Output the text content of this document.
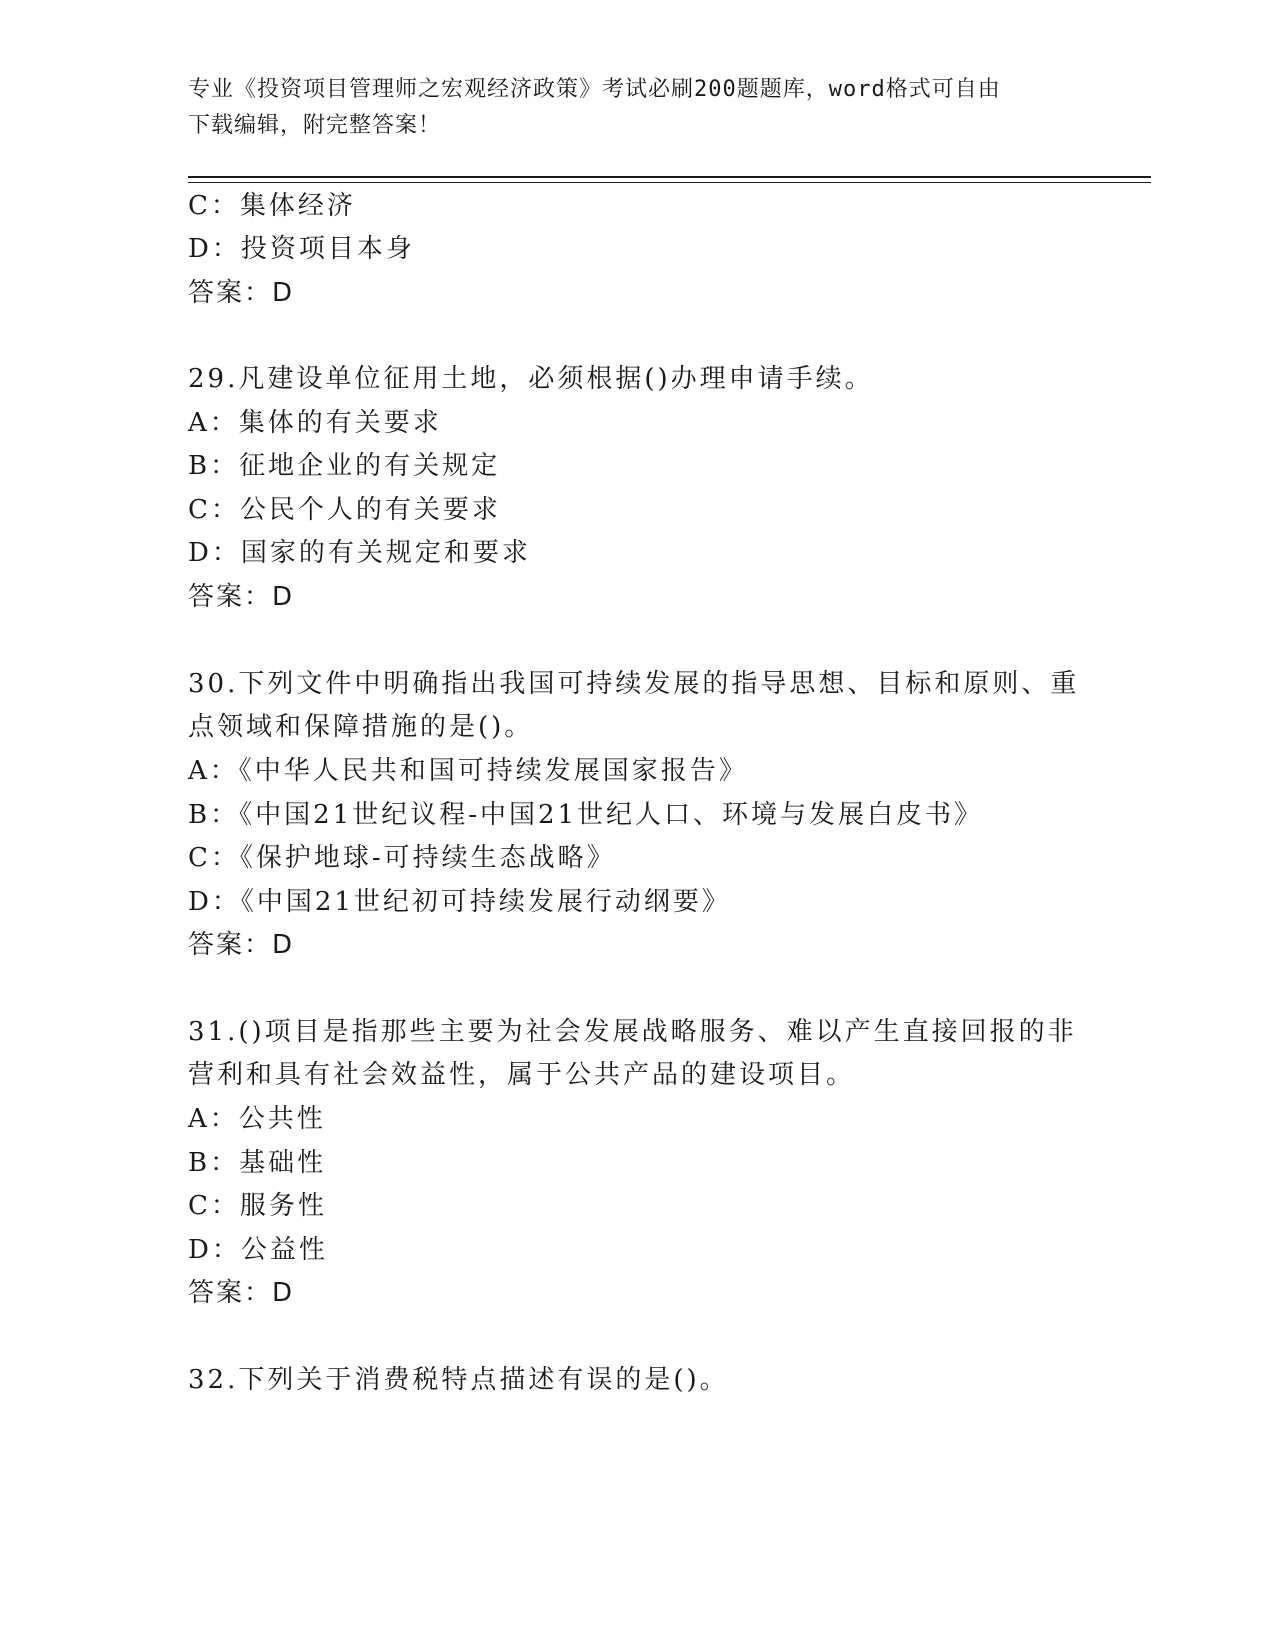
专业《投资项目管理师之宏观经济政策》考试必刷200题题库，word格式可自由
下载编辑，附完整答案！
C：集体经济
D：投资项目本身
答案：D
29.凡建设单位征用土地，必须根据()办理申请手续。
A：集体的有关要求
B：征地企业的有关规定
C：公民个人的有关要求
D：国家的有关规定和要求
答案：D
30.下列文件中明确指出我国可持续发展的指导思想、目标和原则、重
点领域和保障措施的是()。
A：《中华人民共和国可持续发展国家报告》
B：《中国21世纪议程-中国21世纪人口、环境与发展白皮书》
C：《保护地球-可持续生态战略》
D：《中国21世纪初可持续发展行动纲要》
答案：D
31.()项目是指那些主要为社会发展战略服务、难以产生直接回报的非
营利和具有社会效益性，属于公共产品的建设项目。
A：公共性
B：基础性
C：服务性
D：公益性
答案：D
32.下列关于消费税特点描述有误的是()。
